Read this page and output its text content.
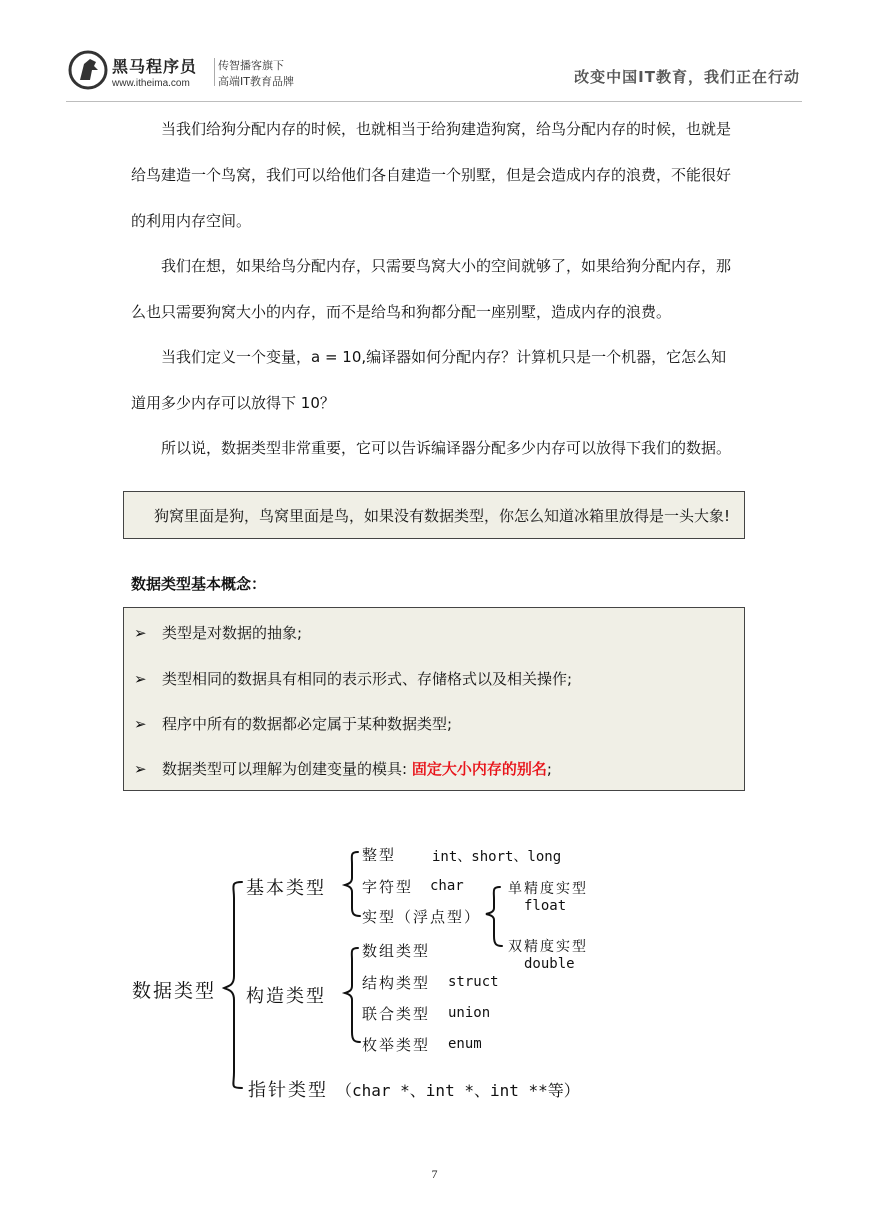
黑马程序员
www.itheima.com
传智播客旗下
高端IT教育品牌	改变中国IT教育，我们正在行动
当我们给狗分配内存的时候，也就相当于给狗建造狗窝，给鸟分配内存的时候，也就是
给鸟建造一个鸟窝，我们可以给他们各自建造一个别墅，但是会造成内存的浪费，不能很好
的利用内存空间。
我们在想，如果给鸟分配内存，只需要鸟窝大小的空间就够了，如果给狗分配内存，那
么也只需要狗窝大小的内存，而不是给鸟和狗都分配一座别墅，造成内存的浪费。
当我们定义一个变量，a = 10,编译器如何分配内存？计算机只是一个机器，它怎么知
道用多少内存可以放得下 10？
所以说，数据类型非常重要，它可以告诉编译器分配多少内存可以放得下我们的数据。
狗窝里面是狗，鸟窝里面是鸟，如果没有数据类型，你怎么知道冰箱里放得是一头大象!
数据类型基本概念：
➢ 类型是对数据的抽象;
➢ 类型相同的数据具有相同的表示形式、存储格式以及相关操作;
➢ 程序中所有的数据都必定属于某种数据类型;
➢ 数据类型可以理解为创建变量的模具: 固定大小内存的别名;
数据类型
基本类型
整型	int、short、long
字符型 char
实型（浮点型）
单精度实型
float
双精度实型
double
构造类型
数组类型
结构类型 struct
联合类型 union
枚举类型 enum
指针类型 （char *、int *、int **等）
7
